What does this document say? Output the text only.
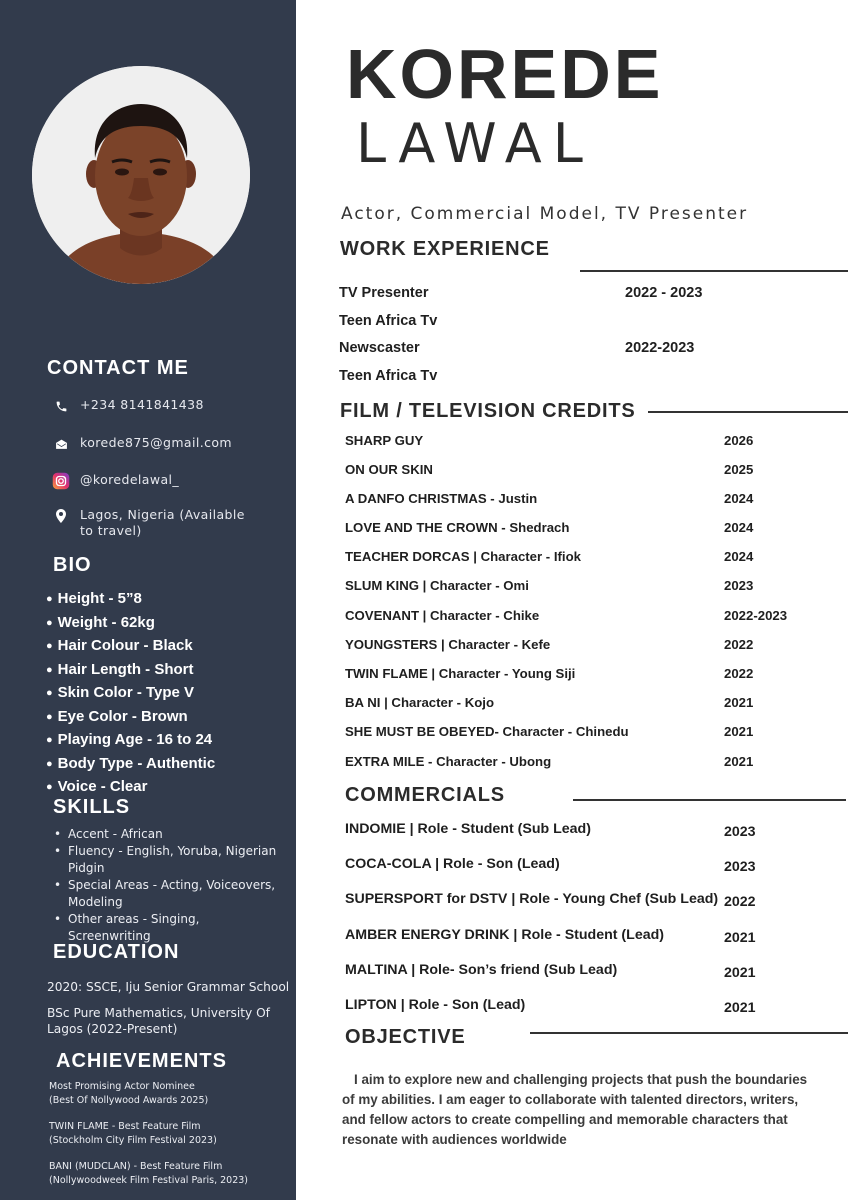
CONTACT ME
+234 8141841438
korede875@gmail.com
@koredelawal_
Lagos, Nigeria (Available to travel)
BIO
● Height - 5”8
● Weight - 62kg
● Hair Colour - Black
● Hair Length - Short
● Skin Color - Type V
● Eye Color - Brown
● Playing Age - 16 to 24
● Body Type - Authentic
● Voice - Clear
SKILLS
• Accent - African
• Fluency - English, Yoruba, Nigerian Pidgin
• Special Areas - Acting, Voiceovers, Modeling
• Other areas - Singing, Screenwriting
EDUCATION
2020: SSCE, Iju Senior Grammar School
BSc Pure Mathematics, University Of Lagos (2022-Present)
ACHIEVEMENTS
Most Promising Actor Nominee
(Best Of Nollywood Awards 2025)
TWIN FLAME - Best Feature Film
(Stockholm City Film Festival 2023)
BANI (MUDCLAN) - Best Feature Film
(Nollywoodweek Film Festival Paris, 2023)
KOREDE
LAWAL
Actor, Commercial Model, TV Presenter
WORK EXPERIENCE
TV Presenter	2022 - 2023
Teen Africa Tv
Newscaster	2022-2023
Teen Africa Tv
FILM / TELEVISION CREDITS
SHARP GUY	2026
ON OUR SKIN	2025
A DANFO CHRISTMAS - Justin	2024
LOVE AND THE CROWN - Shedrach	2024
TEACHER DORCAS | Character - Ifiok	2024
SLUM KING | Character - Omi	2023
COVENANT | Character - Chike	2022-2023
YOUNGSTERS | Character - Kefe	2022
TWIN FLAME | Character - Young Siji	2022
BA NI | Character - Kojo	2021
SHE MUST BE OBEYED- Character - Chinedu	2021
EXTRA MILE - Character - Ubong	2021
COMMERCIALS
INDOMIE | Role - Student (Sub Lead)	2023
COCA-COLA | Role - Son (Lead)	2023
SUPERSPORT for DSTV | Role - Young Chef (Sub Lead) 2022
AMBER ENERGY DRINK | Role - Student (Lead)	2021
MALTINA | Role- Son’s friend (Sub Lead)	2021
LIPTON | Role - Son (Lead)	2021
OBJECTIVE
I aim to explore new and challenging projects that push the boundaries of my abilities. I am eager to collaborate with talented directors, writers, and fellow actors to create compelling and memorable characters that resonate with audiences worldwide
